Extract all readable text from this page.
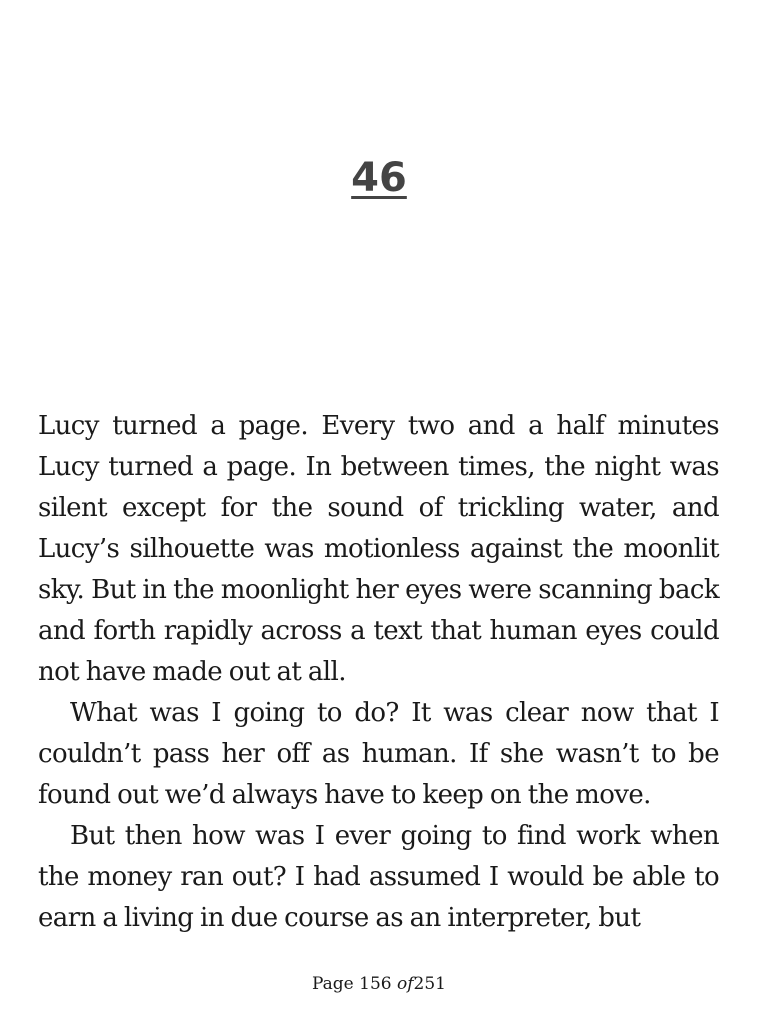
46

Lucy turned a page. Every two and a half minutes Lucy turned a page. In between times, the night was silent except for the sound of trickling water, and Lucy’s silhouette was motionless against the moonlit sky. But in the moonlight her eyes were scanning back and forth rapidly across a text that human eyes could not have made out at all.

What was I going to do? It was clear now that I couldn’t pass her off as human. If she wasn’t to be found out we’d always have to keep on the move.

But then how was I ever going to find work when the money ran out? I had assumed I would be able to earn a living in due course as an interpreter, but

Page 156 of251
